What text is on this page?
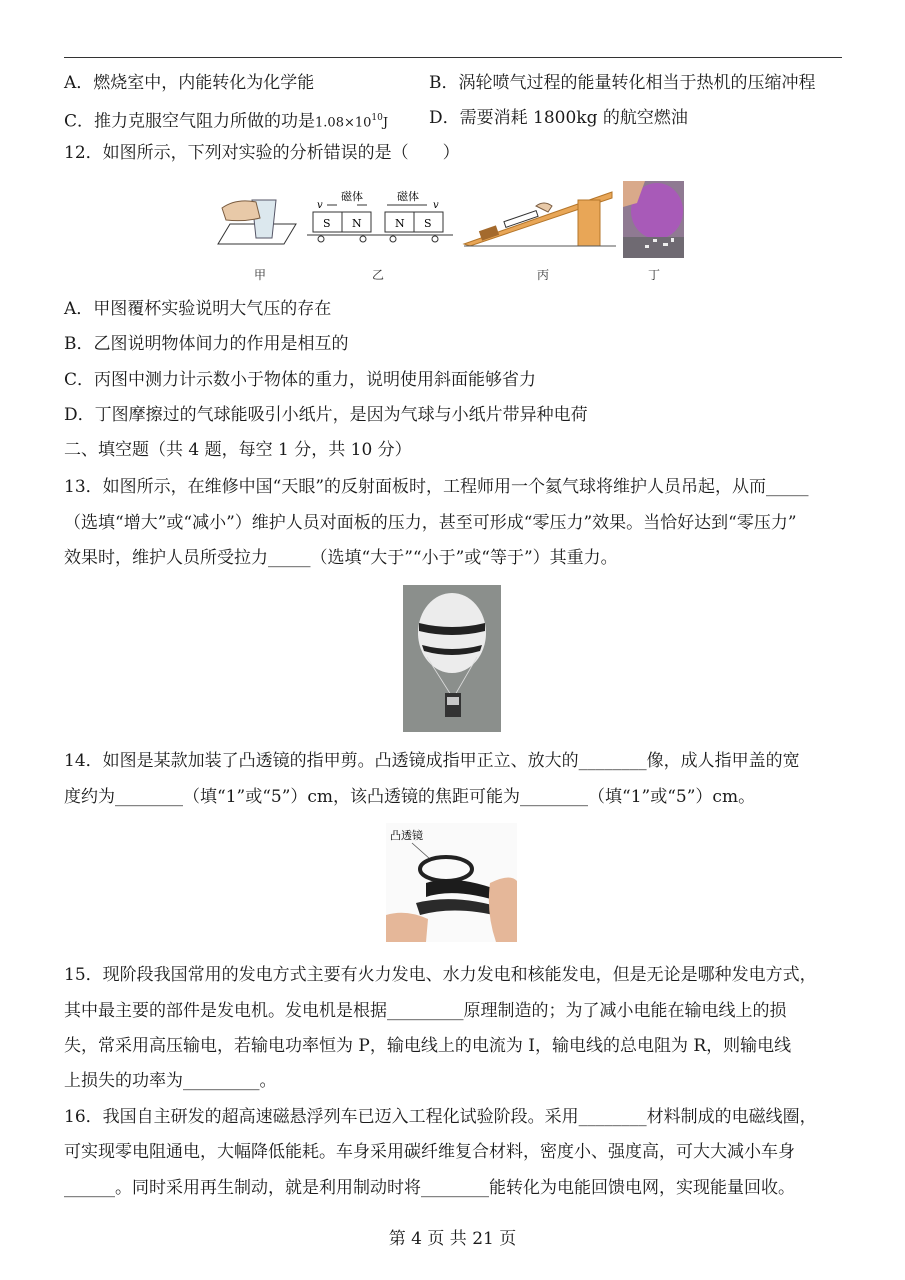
A．燃烧室中，内能转化为化学能	B．涡轮喷气过程的能量转化相当于热机的压缩冲程
C．推力克服空气阻力所做的功是$1.08\times 10^{10}J$ D．需要消耗 1800kg 的航空燃油
12．如图所示，下列对实验的分析错误的是（　　）
甲
磁体	磁体
v	v
S N	N S
乙	丙	丁
A．甲图覆杯实验说明大气压的存在
B．乙图说明物体间力的作用是相互的
C．丙图中测力计示数小于物体的重力，说明使用斜面能够省力
D．丁图摩擦过的气球能吸引小纸片，是因为气球与小纸片带异种电荷
二、填空题（共 4 题，每空 1 分，共 10 分）
13．如图所示，在维修中国“天眼”的反射面板时，工程师用一个氦气球将维护人员吊起，从而_____
（选填“增大”或“减小”）维护人员对面板的压力，甚至可形成“零压力”效果。当恰好达到“零压力”
效果时，维护人员所受拉力_____（选填“大于”“小于”或“等于”）其重力。
14．如图是某款加装了凸透镜的指甲剪。凸透镜成指甲正立、放大的________像，成人指甲盖的宽
度约为________（填“1”或“5”）cm，该凸透镜的焦距可能为________（填“1”或“5”）cm。
凸透镜
15．现阶段我国常用的发电方式主要有火力发电、水力发电和核能发电，但是无论是哪种发电方式，
其中最主要的部件是发电机。发电机是根据_________原理制造的；为了减小电能在输电线上的损
失，常采用高压输电，若输电功率恒为 P，输电线上的电流为 I，输电线的总电阻为 R，则输电线
上损失的功率为_________。
16．我国自主研发的超高速磁悬浮列车已迈入工程化试验阶段。采用________材料制成的电磁线圈，
可实现零电阻通电，大幅降低能耗。车身采用碳纤维复合材料，密度小、强度高，可大大减小车身
______。同时采用再生制动，就是利用制动时将________能转化为电能回馈电网，实现能量回收。
第 4 页 共 21 页
